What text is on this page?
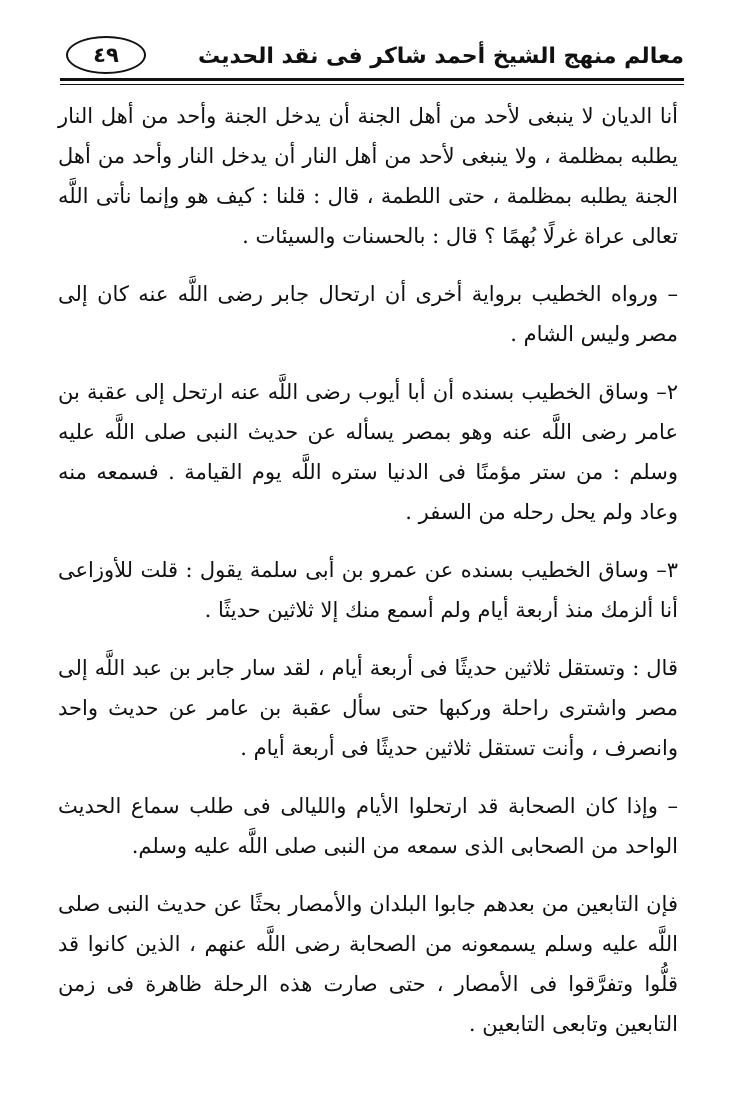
معالم منهج الشيخ أحمد شاكر فى نقد الحديث
٤٩

أنا الديان لا ينبغى لأحد من أهل الجنة أن يدخل الجنة وأحد من أهل النار يطلبه بمظلمة ، ولا ينبغى لأحد من أهل النار أن يدخل النار وأحد من أهل الجنة يطلبه بمظلمة ، حتى اللطمة ، قال : قلنا : كيف هو وإنما نأتى اللَّه تعالى عراة غرلًا بُهمًا ؟ قال : بالحسنات والسيئات .

– ورواه الخطيب برواية أخرى أن ارتحال جابر رضى اللَّه عنه كان إلى مصر وليس الشام .

٢– وساق الخطيب بسنده أن أبا أيوب رضى اللَّه عنه ارتحل إلى عقبة بن عامر رضى اللَّه عنه وهو بمصر يسأله عن حديث النبى صلى اللَّه عليه وسلم : من ستر مؤمنًا فى الدنيا ستره اللَّه يوم القيامة . فسمعه منه وعاد ولم يحل رحله من السفر .

٣– وساق الخطيب بسنده عن عمرو بن أبى سلمة يقول : قلت للأوزاعى أنا ألزمك منذ أربعة أيام ولم أسمع منك إلا ثلاثين حديثًا .

قال : وتستقل ثلاثين حديثًا فى أربعة أيام ، لقد سار جابر بن عبد اللَّه إلى مصر واشترى راحلة وركبها حتى سأل عقبة بن عامر عن حديث واحد وانصرف ، وأنت تستقل ثلاثين حديثًا فى أربعة أيام .

– وإذا كان الصحابة قد ارتحلوا الأيام والليالى فى طلب سماع الحديث الواحد من الصحابى الذى سمعه من النبى صلى اللَّه عليه وسلم.

فإن التابعين من بعدهم جابوا البلدان والأمصار بحثًا عن حديث النبى صلى اللَّه عليه وسلم يسمعونه من الصحابة رضى اللَّه عنهم ، الذين كانوا قد قلُّوا وتفرَّقوا فى الأمصار ، حتى صارت هذه الرحلة ظاهرة فى زمن التابعين وتابعى التابعين .
